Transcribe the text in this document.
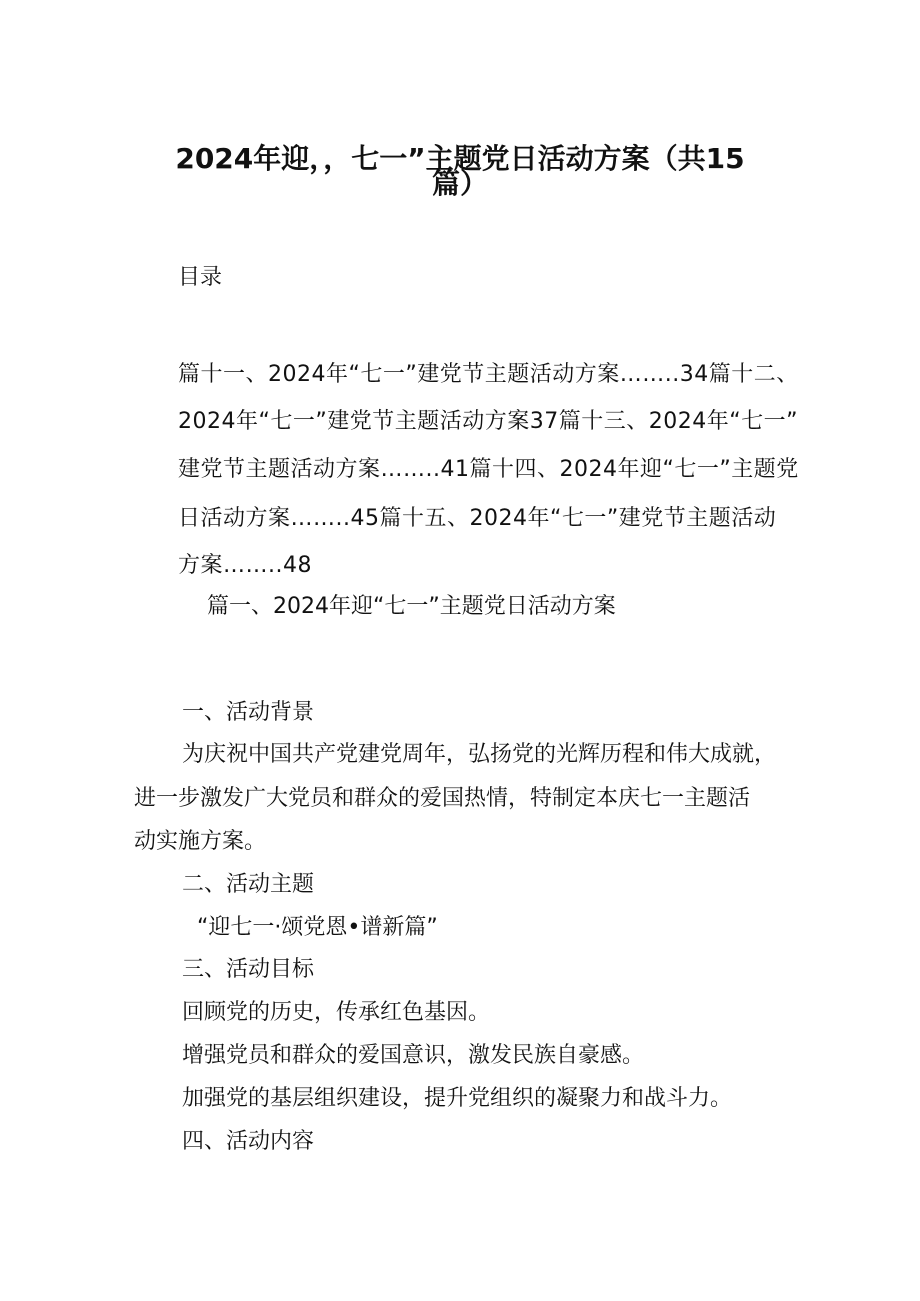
2024年迎，，七一”主题党日活动方案（共15
篇）

目录

篇十一、2024年“七一”建党节主题活动方案……..34篇十二、

2024年“七一”建党节主题活动方案37篇十三、2024年“七一”

建党节主题活动方案……..41篇十四、2024年迎“七一”主题党

日活动方案……..45篇十五、2024年“七一”建党节主题活动

方案……..48

篇一、2024年迎“七一”主题党日活动方案

一、活动背景

为庆祝中国共产党建党周年，弘扬党的光辉历程和伟大成就，

进一步激发广大党员和群众的爱国热情，特制定本庆七一主题活

动实施方案。

二、活动主题

“迎七一·颂党恩•谱新篇”

三、活动目标

回顾党的历史，传承红色基因。

增强党员和群众的爱国意识，激发民族自豪感。

加强党的基层组织建设，提升党组织的凝聚力和战斗力。

四、活动内容
